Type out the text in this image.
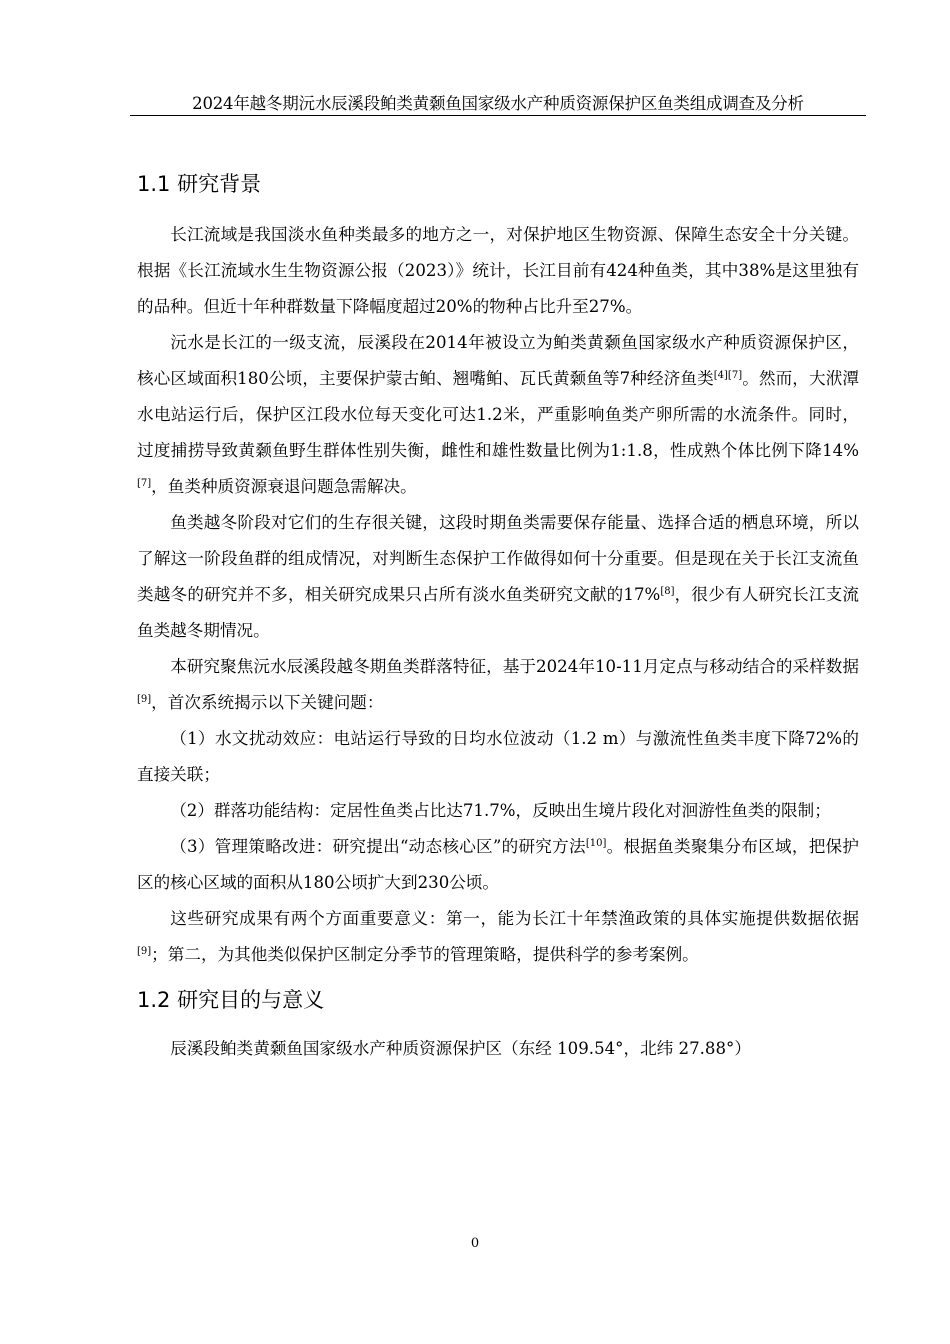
2024年越冬期沅水辰溪段鲌类黄颡鱼国家级水产种质资源保护区鱼类组成调查及分析
1.1 研究背景

长江流域是我国淡水鱼种类最多的地方之一，对保护地区生物资源、保障生态安全十分关键。根据《长江流域水生生物资源公报（2023）》统计，长江目前有424种鱼类，其中38%是这里独有的品种。但近十年种群数量下降幅度超过20%的物种占比升至27%。

沅水是长江的一级支流，辰溪段在2014年被设立为鲌类黄颡鱼国家级水产种质资源保护区，核心区域面积180公顷，主要保护蒙古鲌、翘嘴鲌、瓦氏黄颡鱼等7种经济鱼类[4][7]。然而，大洑潭水电站运行后，保护区江段水位每天变化可达1.2米，严重影响鱼类产卵所需的水流条件。同时，过度捕捞导致黄颡鱼野生群体性别失衡，雌性和雄性数量比例为1:1.8，性成熟个体比例下降14%[7]，鱼类种质资源衰退问题急需解决。

鱼类越冬阶段对它们的生存很关键，这段时期鱼类需要保存能量、选择合适的栖息环境，所以了解这一阶段鱼群的组成情况，对判断生态保护工作做得如何十分重要。但是现在关于长江支流鱼类越冬的研究并不多，相关研究成果只占所有淡水鱼类研究文献的17%[8]，很少有人研究长江支流鱼类越冬期情况。

本研究聚焦沅水辰溪段越冬期鱼类群落特征，基于2024年10-11月定点与移动结合的采样数据[9]，首次系统揭示以下关键问题：

（1）水文扰动效应：电站运行导致的日均水位波动（1.2 m）与激流性鱼类丰度下降72%的直接关联；

（2）群落功能结构：定居性鱼类占比达71.7%，反映出生境片段化对洄游性鱼类的限制；

（3）管理策略改进：研究提出“动态核心区”的研究方法[10]。根据鱼类聚集分布区域，把保护区的核心区域的面积从180公顷扩大到230公顷。

这些研究成果有两个方面重要意义：第一，能为长江十年禁渔政策的具体实施提供数据依据[9]；第二，为其他类似保护区制定分季节的管理策略，提供科学的参考案例。

1.2 研究目的与意义

辰溪段鲌类黄颡鱼国家级水产种质资源保护区（东经 109.54°，北纬 27.88°）

0
